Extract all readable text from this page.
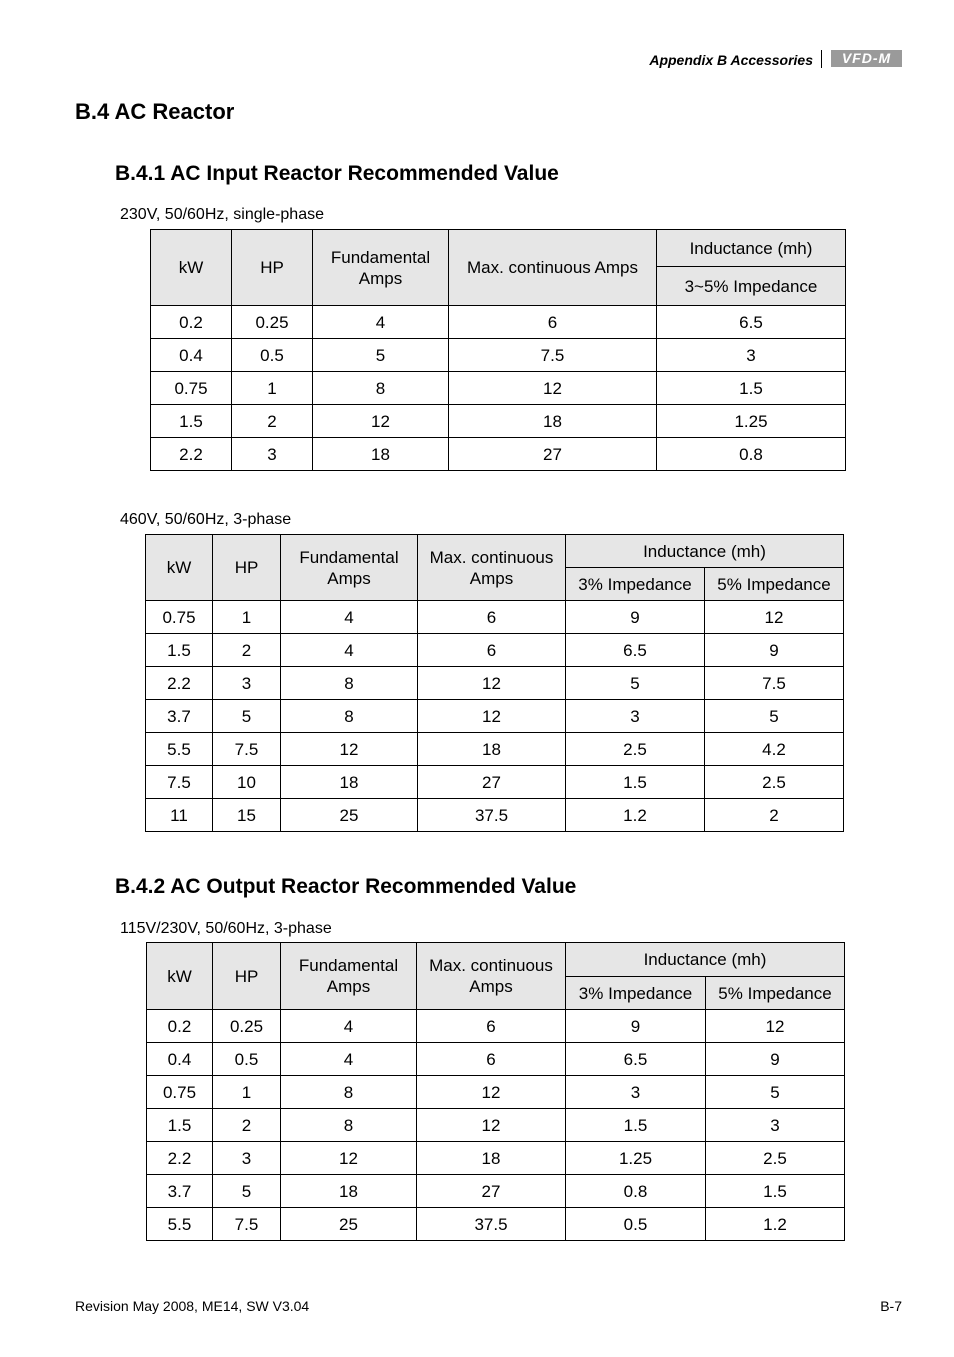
Appendix B Accessories	VFD-M
B.4 AC Reactor
B.4.1 AC Input Reactor Recommended Value
230V, 50/60Hz, single-phase
kW	HP	Fundamental Amps	Max. continuous Amps	Inductance (mh)
				3~5% Impedance
0.2	0.25	4	6	6.5
0.4	0.5	5	7.5	3
0.75	1	8	12	1.5
1.5	2	12	18	1.25
2.2	3	18	27	0.8
460V, 50/60Hz, 3-phase
kW	HP	Fundamental Amps	Max. continuous Amps	Inductance (mh)	
				3% Impedance	5% Impedance
0.75	1	4	6	9	12
1.5	2	4	6	6.5	9
2.2	3	8	12	5	7.5
3.7	5	8	12	3	5
5.5	7.5	12	18	2.5	4.2
7.5	10	18	27	1.5	2.5
11	15	25	37.5	1.2	2
B.4.2 AC Output Reactor Recommended Value
115V/230V, 50/60Hz, 3-phase
kW	HP	Fundamental Amps	Max. continuous Amps	Inductance (mh)	
				3% Impedance	5% Impedance
0.2	0.25	4	6	9	12
0.4	0.5	4	6	6.5	9
0.75	1	8	12	3	5
1.5	2	8	12	1.5	3
2.2	3	12	18	1.25	2.5
3.7	5	18	27	0.8	1.5
5.5	7.5	25	37.5	0.5	1.2
Revision May 2008, ME14, SW V3.04	B-7
